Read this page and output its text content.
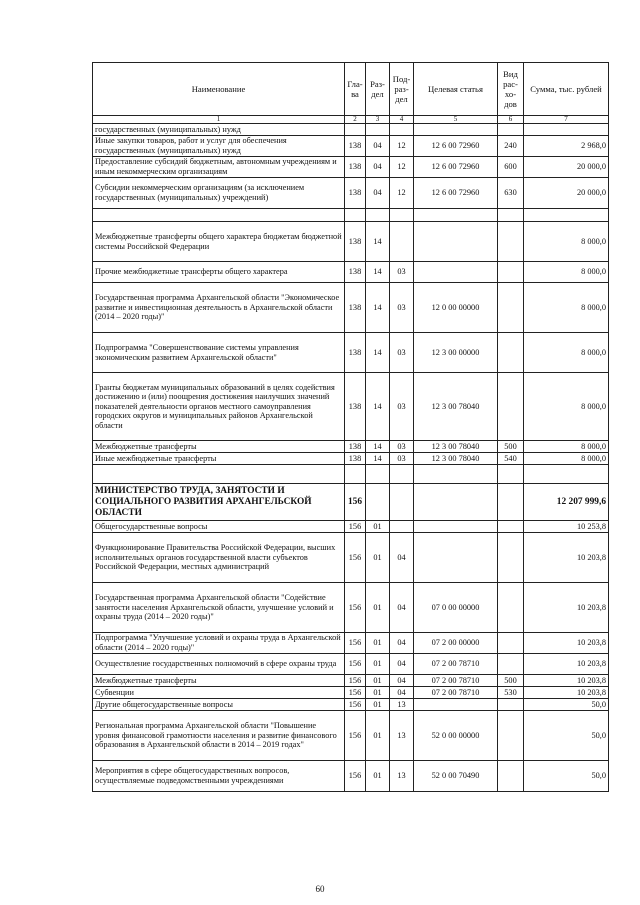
Наименование	Гла- ва	Раз- дел	Под- раз- дел	Целевая статья	Вид рас- хо- дов	Сумма, тыс. рублей
1	2	3	4	5	6	7
государственных (муниципальных) нужд						
Иные закупки товаров, работ и услуг для обеспечения государственных (муниципальных) нужд	138	04	12	12 6 00 72960	240	2 968,0
Предоставление субсидий бюджетным, автономным учреждениям и иным некоммерческим организациям	138	04	12	12 6 00 72960	600	20 000,0
Субсидии некоммерческим организациям (за исключением государственных (муниципальных) учреждений)	138	04	12	12 6 00 72960	630	20 000,0

Межбюджетные трансферты общего характера бюджетам бюджетной системы Российской Федерации	138	14				8 000,0
Прочие межбюджетные трансферты общего характера	138	14	03			8 000,0
Государственная программа Архангельской области "Экономическое развитие и инвестиционная деятельность в Архангельской области (2014 – 2020 годы)"	138	14	03	12 0 00 00000		8 000,0
Подпрограмма "Совершенствование системы управления экономическим развитием Архангельской области"	138	14	03	12 3 00 00000		8 000,0
Гранты бюджетам муниципальных образований в целях содействия достижению и (или) поощрения достижения наилучших значений показателей деятельности органов местного самоуправления городских округов и муниципальных районов Архангельской области	138	14	03	12 3 00 78040		8 000,0
Межбюджетные трансферты	138	14	03	12 3 00 78040	500	8 000,0
Иные межбюджетные трансферты	138	14	03	12 3 00 78040	540	8 000,0

МИНИСТЕРСТВО ТРУДА, ЗАНЯТОСТИ И СОЦИАЛЬНОГО РАЗВИТИЯ АРХАНГЕЛЬСКОЙ ОБЛАСТИ	156					12 207 999,6
Общегосударственные вопросы	156	01				10 253,8
Функционирование Правительства Российской Федерации, высших исполнительных органов государственной власти субъектов Российской Федерации, местных администраций	156	01	04			10 203,8
Государственная программа Архангельской области "Содействие занятости населения Архангельской области, улучшение условий и охраны труда (2014 – 2020 годы)"	156	01	04	07 0 00 00000		10 203,8
Подпрограмма "Улучшение условий и охраны труда в Архангельской области (2014 – 2020 годы)"	156	01	04	07 2 00 00000		10 203,8
Осуществление государственных полномочий в сфере охраны труда	156	01	04	07 2 00 78710		10 203,8
Межбюджетные трансферты	156	01	04	07 2 00 78710	500	10 203,8
Субвенции	156	01	04	07 2 00 78710	530	10 203,8
Другие общегосударственные вопросы	156	01	13			50,0
Региональная программа Архангельской области "Повышение уровня финансовой грамотности населения и развитие финансового образования в Архангельской области в 2014 – 2019 годах"	156	01	13	52 0 00 00000		50,0
Мероприятия в сфере общегосударственных вопросов, осуществляемые подведомственными учреждениями	156	01	13	52 0 00 70490		50,0
60
